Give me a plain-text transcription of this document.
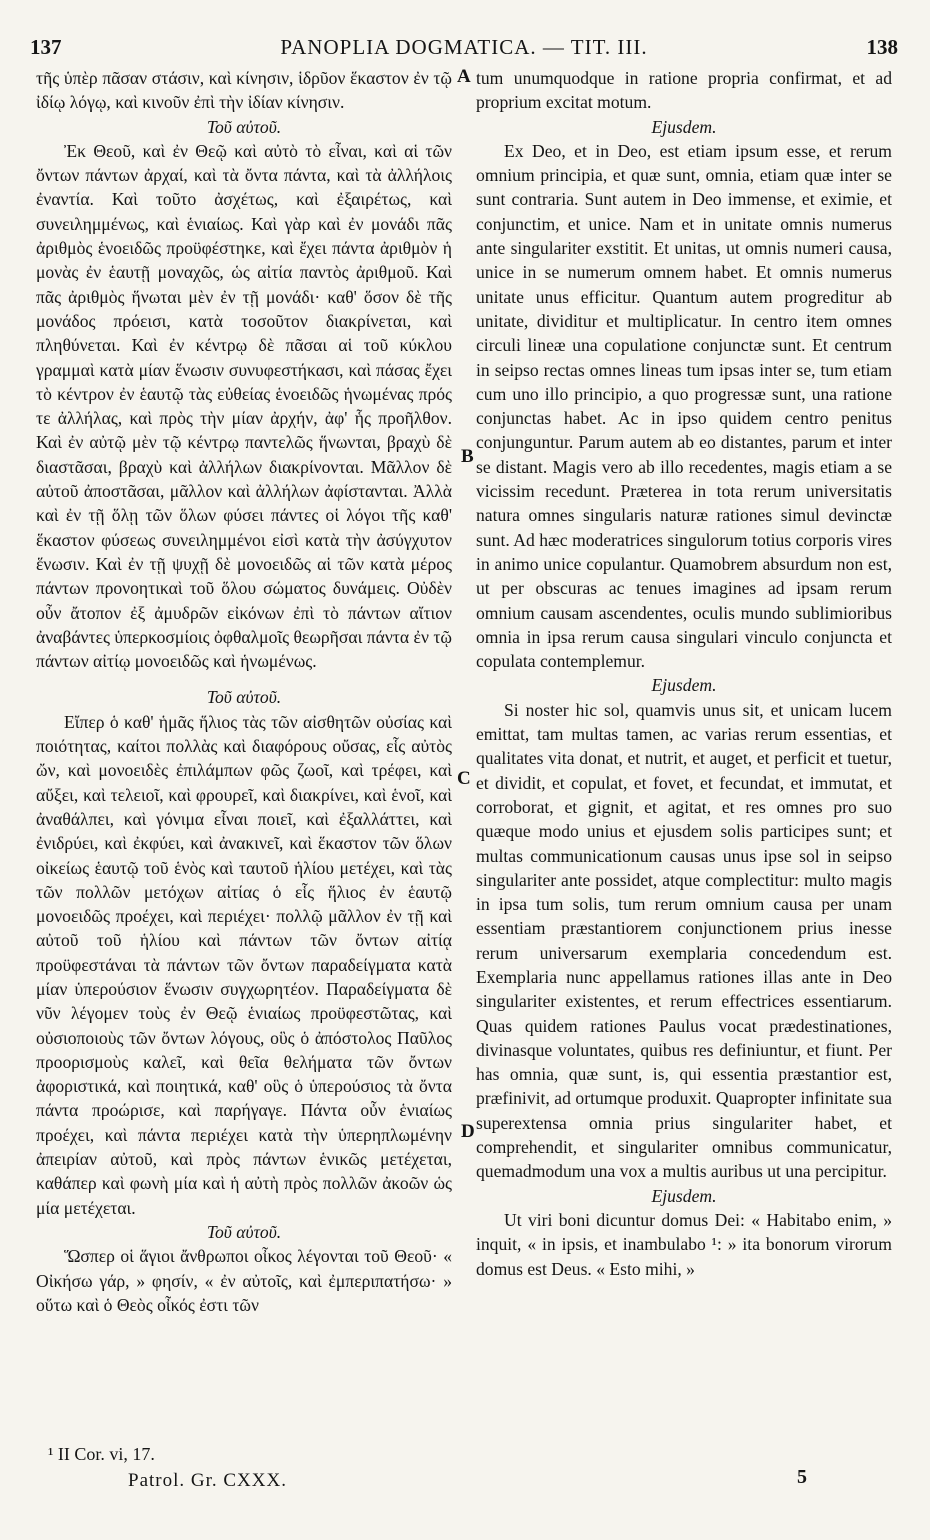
137	PANOPLIA DOGMATICA. — TIT. III.	138

τῆς ὑπὲρ πᾶσαν στάσιν, καὶ κίνησιν, ἱδρῦον ἕκαστον ἐν τῷ ἰδίῳ λόγῳ, καὶ κινοῦν ἐπὶ τὴν ἰδίαν κίνησιν.

Τοῦ αὐτοῦ.

Ἐκ Θεοῦ, καὶ ἐν Θεῷ καὶ αὐτὸ τὸ εἶναι, καὶ αἱ τῶν ὄντων πάντων ἀρχαί, καὶ τὰ ὄντα πάντα, καὶ τὰ ἀλλήλοις ἐναντία. Καὶ τοῦτο ἀσχέτως, καὶ ἐξαιρέτως, καὶ συνειλημμένως, καὶ ἑνιαίως. Καὶ γὰρ καὶ ἐν μονάδι πᾶς ἀριθμὸς ἑνοειδῶς προϋφέστηκε, καὶ ἔχει πάντα ἀριθμὸν ἡ μονὰς ἐν ἑαυτῇ μοναχῶς, ὡς αἰτία παντὸς ἀριθμοῦ. Καὶ πᾶς ἀριθμὸς ἥνωται μὲν ἐν τῇ μονάδι· καθ' ὅσον δὲ τῆς μονάδος πρόεισι, κατὰ τοσοῦτον διακρίνεται, καὶ πληθύνεται. Καὶ ἐν κέντρῳ δὲ πᾶσαι αἱ τοῦ κύκλου γραμμαὶ κατὰ μίαν ἕνωσιν συνυφεστήκασι, καὶ πάσας ἔχει τὸ κέντρον ἐν ἑαυτῷ τὰς εὐθείας ἑνοειδῶς ἡνωμένας πρός τε ἀλλήλας, καὶ πρὸς τὴν μίαν ἀρχήν, ἀφ' ἧς προῆλθον. Καὶ ἐν αὐτῷ μὲν τῷ κέντρῳ παντελῶς ἥνωνται, βραχὺ δὲ διαστᾶσαι, βραχὺ καὶ ἀλλήλων διακρίνονται. Μᾶλλον δὲ αὐτοῦ ἀποστᾶσαι, μᾶλλον καὶ ἀλλήλων ἀφίστανται. Ἀλλὰ καὶ ἐν τῇ ὅλῃ τῶν ὅλων φύσει πάντες οἱ λόγοι τῆς καθ' ἕκαστον φύσεως συνειλημμένοι εἰσὶ κατὰ τὴν ἀσύγχυτον ἕνωσιν. Καὶ ἐν τῇ ψυχῇ δὲ μονοειδῶς αἱ τῶν κατὰ μέρος πάντων προνοητικαὶ τοῦ ὅλου σώματος δυνάμεις. Οὐδὲν οὖν ἄτοπον ἐξ ἀμυδρῶν εἰκόνων ἐπὶ τὸ πάντων αἴτιον ἀναβάντες ὑπερκοσμίοις ὀφθαλμοῖς θεωρῆσαι πάντα ἐν τῷ πάντων αἰτίῳ μονοειδῶς καὶ ἡνωμένως.

Τοῦ αὐτοῦ.

Εἴπερ ὁ καθ' ἡμᾶς ἥλιος τὰς τῶν αἰσθητῶν οὐσίας καὶ ποιότητας, καίτοι πολλὰς καὶ διαφόρους οὔσας, εἷς αὐτὸς ὤν, καὶ μονοειδὲς ἐπιλάμπων φῶς ζωοῖ, καὶ τρέφει, καὶ αὔξει, καὶ τελειοῖ, καὶ φρουρεῖ, καὶ διακρίνει, καὶ ἑνοῖ, καὶ ἀναθάλπει, καὶ γόνιμα εἶναι ποιεῖ, καὶ ἐξαλλάττει, καὶ ἐνιδρύει, καὶ ἐκφύει, καὶ ἀνακινεῖ, καὶ ἕκαστον τῶν ὅλων οἰκείως ἑαυτῷ τοῦ ἑνὸς καὶ ταυτοῦ ἡλίου μετέχει, καὶ τὰς τῶν πολλῶν μετόχων αἰτίας ὁ εἷς ἥλιος ἐν ἑαυτῷ μονοειδῶς προέχει, καὶ περιέχει· πολλῷ μᾶλλον ἐν τῇ καὶ αὐτοῦ τοῦ ἡλίου καὶ πάντων τῶν ὄντων αἰτίᾳ προϋφεστάναι τὰ πάντων τῶν ὄντων παραδείγματα κατὰ μίαν ὑπερούσιον ἕνωσιν συγχωρητέον. Παραδείγματα δὲ νῦν λέγομεν τοὺς ἐν Θεῷ ἑνιαίως προϋφεστῶτας, καὶ οὐσιοποιοὺς τῶν ὄντων λόγους, οὓς ὁ ἀπόστολος Παῦλος προορισμοὺς καλεῖ, καὶ θεῖα θελήματα τῶν ὄντων ἀφοριστικά, καὶ ποιητικά, καθ' οὓς ὁ ὑπερούσιος τὰ ὄντα πάντα προώρισε, καὶ παρήγαγε. Πάντα οὖν ἑνιαίως προέχει, καὶ πάντα περιέχει κατὰ τὴν ὑπερηπλωμένην ἀπειρίαν αὐτοῦ, καὶ πρὸς πάντων ἑνικῶς μετέχεται, καθάπερ καὶ φωνὴ μία καὶ ἡ αὐτὴ πρὸς πολλῶν ἀκοῶν ὡς μία μετέχεται.

Τοῦ αὐτοῦ.

Ὥσπερ οἱ ἅγιοι ἄνθρωποι οἶκος λέγονται τοῦ Θεοῦ· « Οἰκήσω γάρ, » φησίν, « ἐν αὐτοῖς, καὶ ἐμπεριπατήσω· » οὕτω καὶ ὁ Θεὸς οἶκός ἐστι τῶν

tum unumquodque in ratione propria confirmat, et ad proprium excitat motum.

Ejusdem.

Ex Deo, et in Deo, est etiam ipsum esse, et rerum omnium principia, et quæ sunt, omnia, etiam quæ inter se sunt contraria. Sunt autem in Deo immense, et eximie, et conjunctim, et unice. Nam et in unitate omnis numerus ante singulariter exstitit. Et unitas, ut omnis numeri causa, unice in se numerum omnem habet. Et omnis numerus unitate unus efficitur. Quantum autem progreditur ab unitate, dividitur et multiplicatur. In centro item omnes circuli lineæ una copulatione conjunctæ sunt. Et centrum in seipso rectas omnes lineas tum ipsas inter se, tum etiam cum uno illo principio, a quo progressæ sunt, una ratione conjunctas habet. Ac in ipso quidem centro penitus conjunguntur. Parum autem ab eo distantes, parum et inter se distant. Magis vero ab illo recedentes, magis etiam a se vicissim recedunt. Præterea in tota rerum universitatis natura omnes singularis naturæ rationes simul devinctæ sunt. Ad hæc moderatrices singulorum totius corporis vires in animo unice copulantur. Quamobrem absurdum non est, ut per obscuras ac tenues imagines ad ipsam rerum omnium causam ascendentes, oculis mundo sublimioribus omnia in ipsa rerum causa singulari vinculo conjuncta et copulata contemplemur.

Ejusdem.

Si noster hic sol, quamvis unus sit, et unicam lucem emittat, tam multas tamen, ac varias rerum essentias, et qualitates vita donat, et nutrit, et auget, et perficit et tuetur, et dividit, et copulat, et fovet, et fecundat, et immutat, et corroborat, et gignit, et agitat, et res omnes pro suo quæque modo unius et ejusdem solis participes sunt; et multas communicationum causas unus ipse sol in seipso singulariter ante possidet, atque complectitur: multo magis in ipsa tum solis, tum rerum omnium causa per unam essentiam præstantiorem conjunctionem prius inesse rerum universarum exemplaria concedendum est. Exemplaria nunc appellamus rationes illas ante in Deo singulariter existentes, et rerum effectrices essentiarum. Quas quidem rationes Paulus vocat prædestinationes, divinasque voluntates, quibus res definiuntur, et fiunt. Per has omnia, quæ sunt, is, qui essentia præstantior est, præfinivit, ad ortumque produxit. Quapropter infinitate sua superextensa omnia prius singulariter habet, et comprehendit, et singulariter omnibus communicatur, quemadmodum una vox a multis auribus ut una percipitur.

Ejusdem.

Ut viri boni dicuntur domus Dei: « Habitabo enim, » inquit, « in ipsis, et inambulabo ¹: » ita bonorum virorum domus est Deus. « Esto mihi, »

A
B
C
D
¹ II Cor. vi, 17.
Patrol. Gr. CXXX.	5
